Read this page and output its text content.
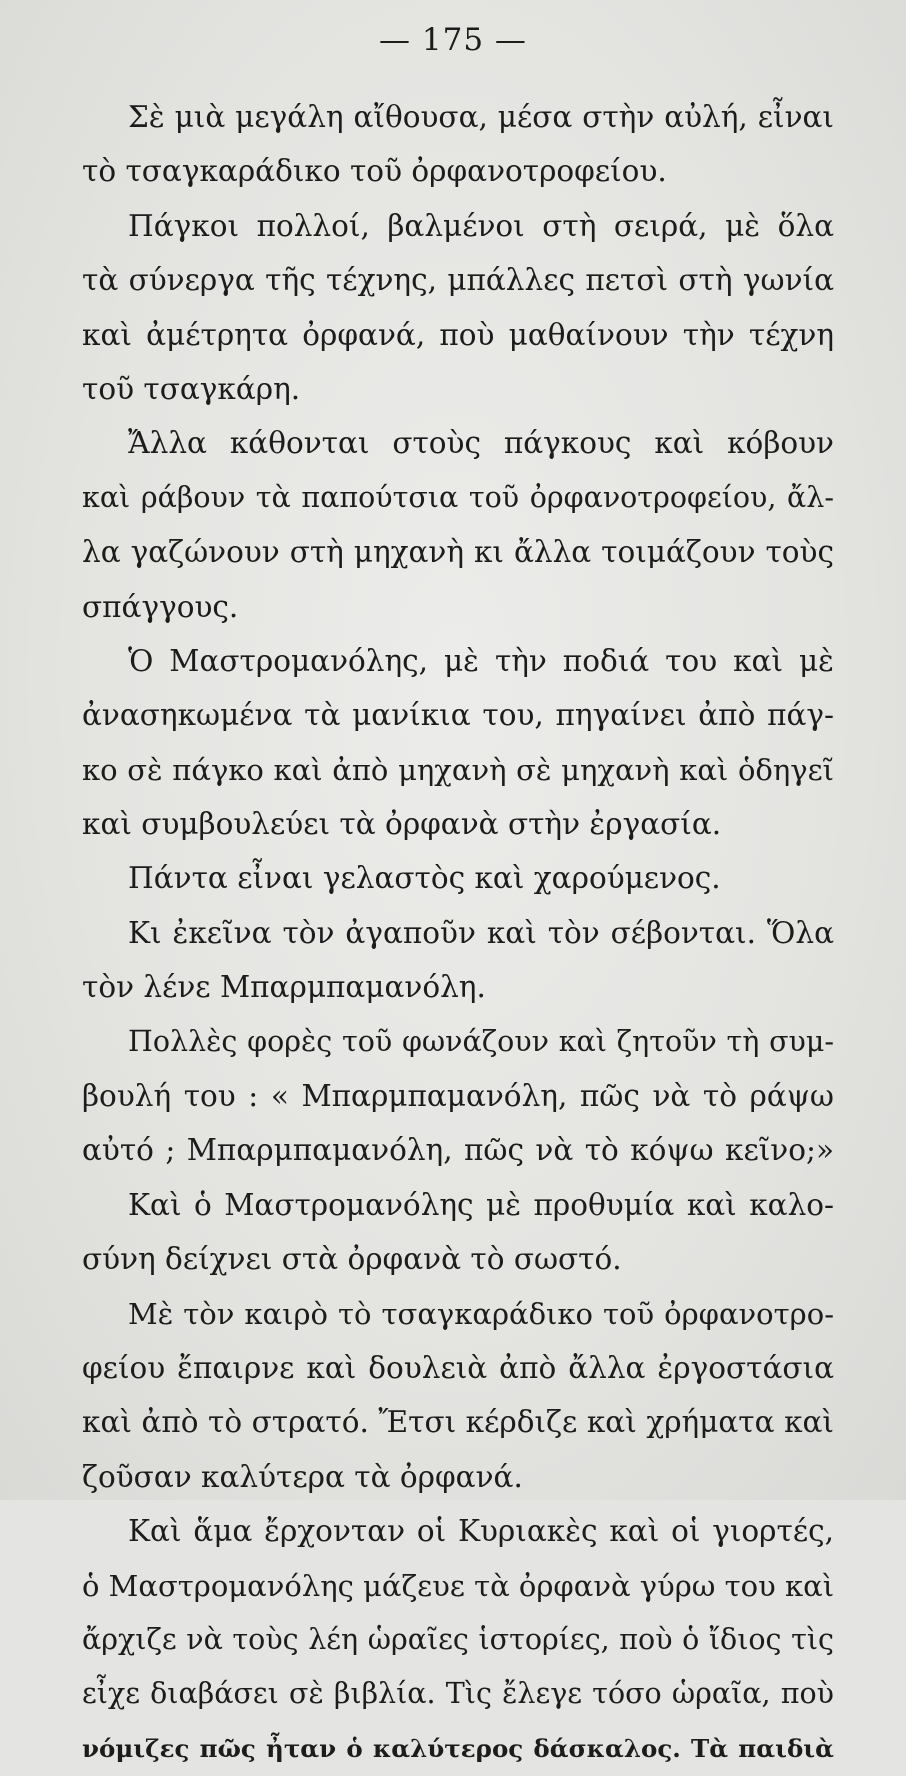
— 175 —
Σὲ μιὰ μεγάλη αἴθουσα, μέσα στὴν αὐλή, εἶναι
τὸ τσαγκαράδικο τοῦ ὀρφανοτροφείου.
Πάγκοι πολλοί, βαλμένοι στὴ σειρά, μὲ ὅλα
τὰ σύνεργα τῆς τέχνης, μπάλλες πετσὶ στὴ γωνία
καὶ ἀμέτρητα ὀρφανά, ποὺ μαθαίνουν τὴν τέχνη
τοῦ τσαγκάρη.
Ἄλλα κάθονται στοὺς πάγκους καὶ κόβουν
καὶ ράβουν τὰ παπούτσια τοῦ ὀρφανοτροφείου, ἄλ-
λα γαζώνουν στὴ μηχανὴ κι ἄλλα τοιμάζουν τοὺς
σπάγγους.
Ὁ Μαστρομανόλης, μὲ τὴν ποδιά του καὶ μὲ
ἀνασηκωμένα τὰ μανίκια του, πηγαίνει ἀπὸ πάγ-
κο σὲ πάγκο καὶ ἀπὸ μηχανὴ σὲ μηχανὴ καὶ ὁδηγεῖ
καὶ συμβουλεύει τὰ ὀρφανὰ στὴν ἐργασία.
Πάντα εἶναι γελαστὸς καὶ χαρούμενος.
Κι ἐκεῖνα τὸν ἀγαποῦν καὶ τὸν σέβονται. Ὅλα
τὸν λένε Μπαρμπαμανόλη.
Πολλὲς φορὲς τοῦ φωνάζουν καὶ ζητοῦν τὴ συμ-
βουλή του : « Μπαρμπαμανόλη, πῶς νὰ τὸ ράψω
αὐτό ; Μπαρμπαμανόλη, πῶς νὰ τὸ κόψω κεῖνο;»
Καὶ ὁ Μαστρομανόλης μὲ προθυμία καὶ καλο-
σύνη δείχνει στὰ ὀρφανὰ τὸ σωστό.
Μὲ τὸν καιρὸ τὸ τσαγκαράδικο τοῦ ὀρφανοτρο-
φείου ἔπαιρνε καὶ δουλειὰ ἀπὸ ἄλλα ἐργοστάσια
καὶ ἀπὸ τὸ στρατό. Ἔτσι κέρδιζε καὶ χρήματα καὶ
ζοῦσαν καλύτερα τὰ ὀρφανά.
Καὶ ἅμα ἔρχονταν οἱ Κυριακὲς καὶ οἱ γιορτές,
ὁ Μαστρομανόλης μάζευε τὰ ὀρφανὰ γύρω του καὶ
ἄρχιζε νὰ τοὺς λέη ὡραῖες ἱστορίες, ποὺ ὁ ἴδιος τὶς
εἶχε διαβάσει σὲ βιβλία. Τὶς ἔλεγε τόσο ὡραῖα, ποὺ
νόμιζες πῶς ἦταν ὁ καλύτερος δάσκαλος. Τὰ παιδιὰ
